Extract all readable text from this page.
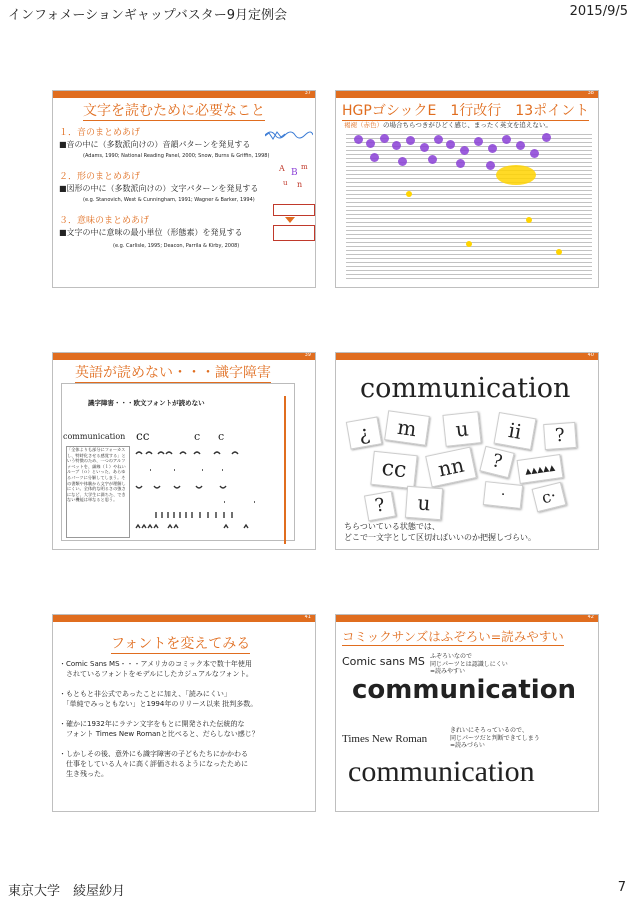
インフォメーションギャップバスター9月定例会	2015/9/5
東京大学　綾屋紗月	7
37
文字を読むために必要なこと
１．音のまとめあげ
■音の中に（多数派向けの）音韻パターンを発見する
(Adams, 1990; National Reading Panel, 2000; Snow, Burns & Griffin, 1998)
２．形のまとめあげ
■図形の中に（多数派向けの）文字パターンを発見する
(e.g. Stanovich, West & Cunningham, 1991; Wagner & Barker, 1994)
A B
m
u n
３．意味のまとめあげ
■文字の中に意味の最小単位（形態素）を発見する
(e.g. Carlisle, 1995; Deacon, Parrila & Kirby, 2008)
38
HGPゴシックE　1行改行　13ポイント
褐褪（赤色）の場合ちらつきがひどく感じ、まったく英文を追えない。
39
英語が読めない・・・識字障害
識字障害・・・欧文フォントが読めない
communication
「全体よりも部分にフォーカスし、特時化させる感覚する」という特徴のため、一つのアルファベットを、細線（ｌ）やねいルーブ（ｏ）といった、あらゆるパーツに分解してしまう。その書類や体験から文字が理解しにくい。全体的な明るさの強さになど、大学生に満ちた、できない機能は単なると思う。
cc	c c
40
communication
¿	m	u	ii	?
cc	nn	?	▴▴▴▴▴
?	u	·	c·
ちらついている状態では、
どこで一文字として区切ればいいのか把握しづらい。
41
フォントを変えてみる
・Comic Sans MS・・・アメリカのコミック本で数十年使用
　されているフォントをモデルにしたカジュアルなフォント。
・もともと非公式であったことに加え、「読みにくい」
　「単純でみっともない」と1994年のリリース以来 批判多数。
・確かに1932年にラテン文字をもとに開発された伝統的な
　フォント Times New Romanと比べると、だらしない感じ？
・しかしその後、意外にも識字障害の子どもたちにかかわる
　仕事をしている人々に高く評価されるようになったために
　生き残った。
42
コミックサンズはふぞろい=読みやすい
Comic sans MS ふぞろいなので
同じパーツとは認識しにくい
=読みやすい
communication
Times New Roman
きれいにそろっているので、
同じパーツだと判断できてしまう
=読みづらい
communication
